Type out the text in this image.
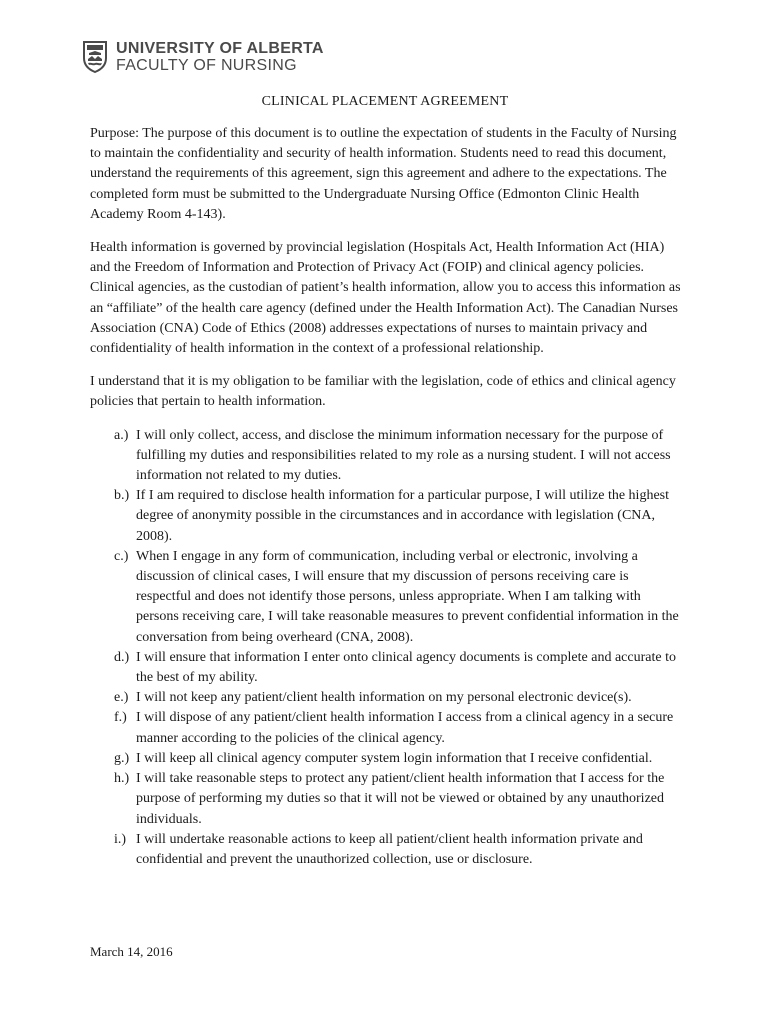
UNIVERSITY OF ALBERTA
FACULTY OF NURSING
CLINICAL PLACEMENT AGREEMENT

Purpose: The purpose of this document is to outline the expectation of students in the Faculty of Nursing to maintain the confidentiality and security of health information. Students need to read this document, understand the requirements of this agreement, sign this agreement and adhere to the expectations. The completed form must be submitted to the Undergraduate Nursing Office (Edmonton Clinic Health Academy Room 4-143).

Health information is governed by provincial legislation (Hospitals Act, Health Information Act (HIA) and the Freedom of Information and Protection of Privacy Act (FOIP) and clinical agency policies. Clinical agencies, as the custodian of patient’s health information, allow you to access this information as an “affiliate” of the health care agency (defined under the Health Information Act). The Canadian Nurses Association (CNA) Code of Ethics (2008) addresses expectations of nurses to maintain privacy and confidentiality of health information in the context of a professional relationship.

I understand that it is my obligation to be familiar with the legislation, code of ethics and clinical agency policies that pertain to health information.

a.) I will only collect, access, and disclose the minimum information necessary for the purpose of fulfilling my duties and responsibilities related to my role as a nursing student. I will not access information not related to my duties.
b.) If I am required to disclose health information for a particular purpose, I will utilize the highest degree of anonymity possible in the circumstances and in accordance with legislation (CNA, 2008).
c.) When I engage in any form of communication, including verbal or electronic, involving a discussion of clinical cases, I will ensure that my discussion of persons receiving care is respectful and does not identify those persons, unless appropriate. When I am talking with persons receiving care, I will take reasonable measures to prevent confidential information in the conversation from being overheard (CNA, 2008).
d.) I will ensure that information I enter onto clinical agency documents is complete and accurate to the best of my ability.
e.) I will not keep any patient/client health information on my personal electronic device(s).
f.) I will dispose of any patient/client health information I access from a clinical agency in a secure manner according to the policies of the clinical agency.
g.) I will keep all clinical agency computer system login information that I receive confidential.
h.) I will take reasonable steps to protect any patient/client health information that I access for the purpose of performing my duties so that it will not be viewed or obtained by any unauthorized individuals.
i.) I will undertake reasonable actions to keep all patient/client health information private and confidential and prevent the unauthorized collection, use or disclosure.
March 14, 2016
